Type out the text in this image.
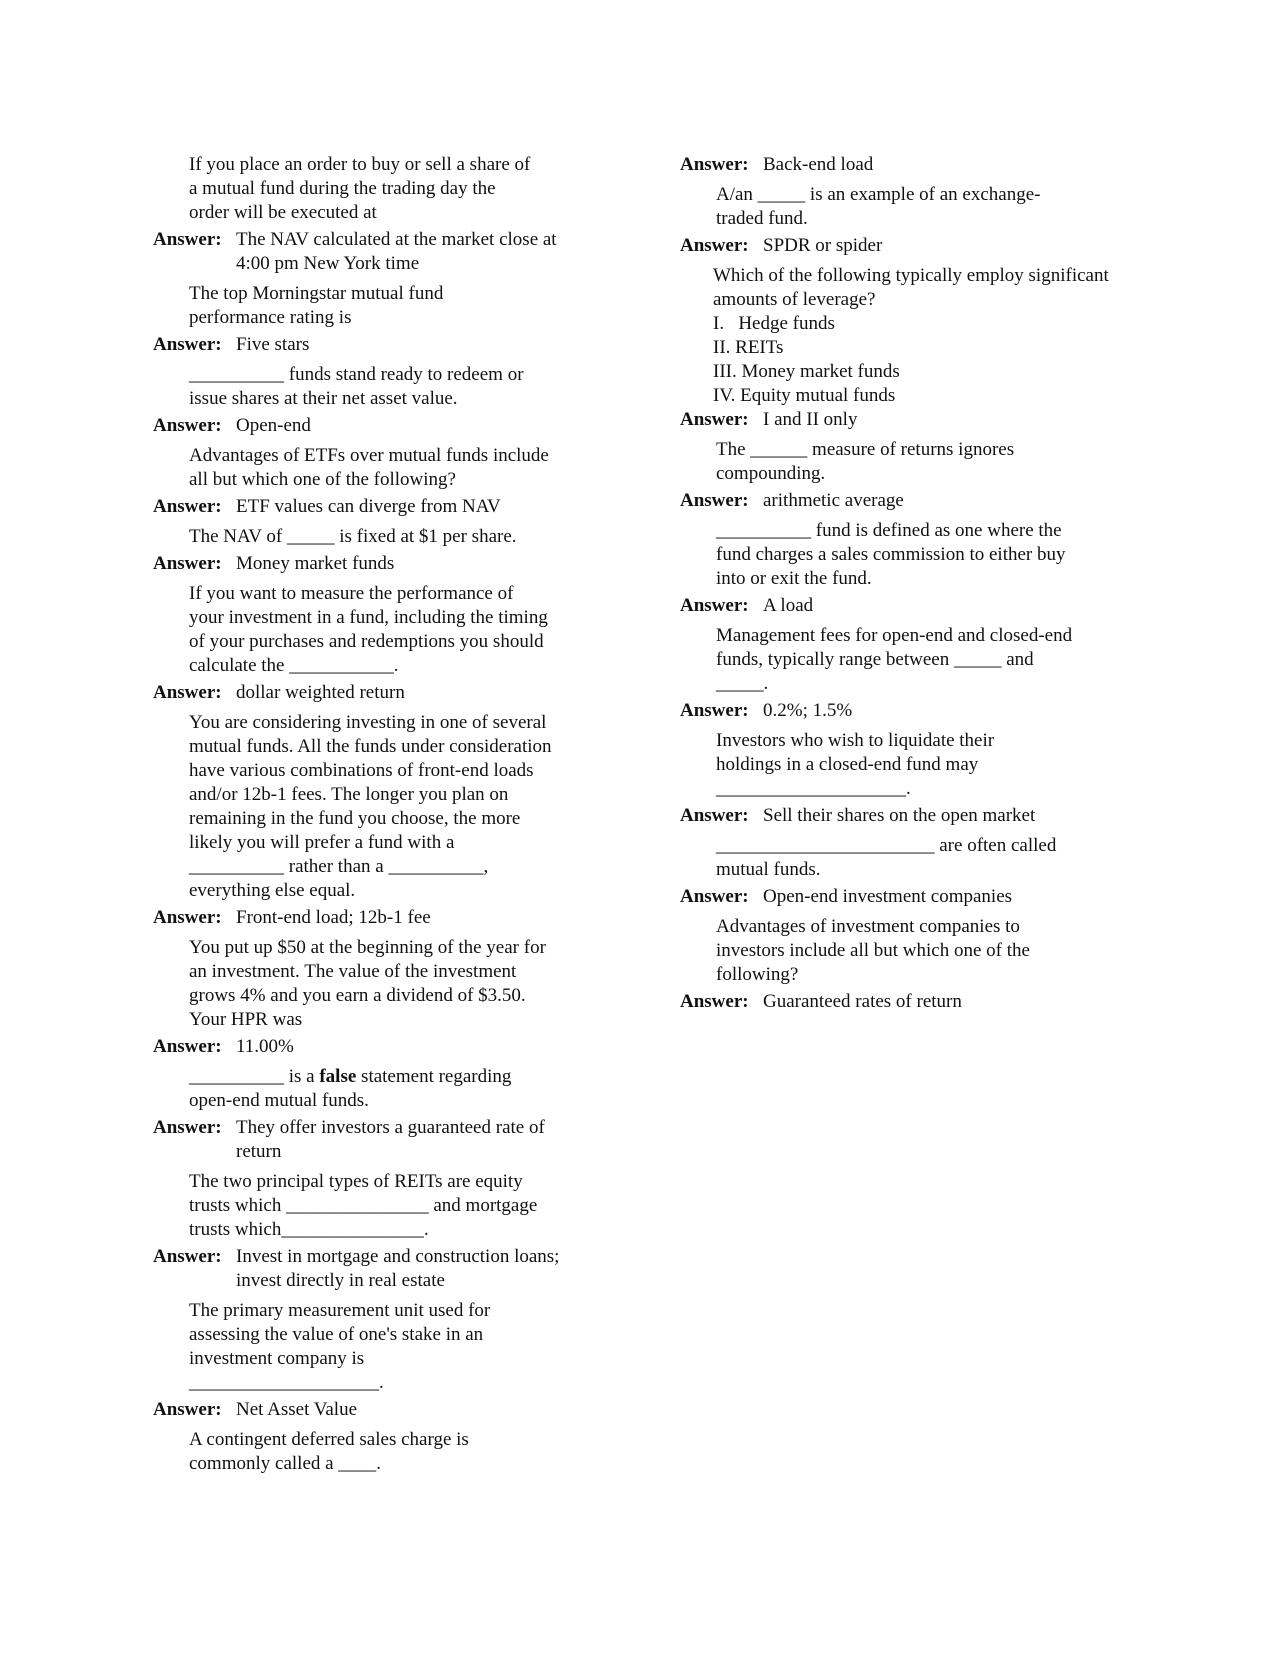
If you place an order to buy or sell a share of a mutual fund during the trading day the order will be executed at

Answer: The NAV calculated at the market close at 4:00 pm New York time

The top Morningstar mutual fund performance rating is

Answer: Five stars

__________ funds stand ready to redeem or issue shares at their net asset value.

Answer: Open-end

Advantages of ETFs over mutual funds include all but which one of the following?

Answer: ETF values can diverge from NAV

The NAV of _____ is fixed at $1 per share.

Answer: Money market funds

If you want to measure the performance of your investment in a fund, including the timing of your purchases and redemptions you should calculate the ___________.

Answer: dollar weighted return

You are considering investing in one of several mutual funds. All the funds under consideration have various combinations of front-end loads and/or 12b-1 fees. The longer you plan on remaining in the fund you choose, the more likely you will prefer a fund with a __________ rather than a __________, everything else equal.

Answer: Front-end load; 12b-1 fee

You put up $50 at the beginning of the year for an investment. The value of the investment grows 4% and you earn a dividend of $3.50. Your HPR was

Answer: 11.00%

__________ is a false statement regarding open-end mutual funds.

Answer: They offer investors a guaranteed rate of return

The two principal types of REITs are equity trusts which _______________ and mortgage trusts which_______________.

Answer: Invest in mortgage and construction loans; invest directly in real estate

The primary measurement unit used for assessing the value of one's stake in an investment company is ____________________.

Answer: Net Asset Value

A contingent deferred sales charge is commonly called a ____.

Answer: Back-end load

A/an _____ is an example of an exchange-traded fund.

Answer: SPDR or spider

Which of the following typically employ significant amounts of leverage?

I.   Hedge funds
II. REITs
III. Money market funds
IV. Equity mutual funds

Answer: I and II only

The ______ measure of returns ignores compounding.

Answer: arithmetic average

__________ fund is defined as one where the fund charges a sales commission to either buy into or exit the fund.

Answer: A load

Management fees for open-end and closed-end funds, typically range between _____ and _____.

Answer: 0.2%; 1.5%

Investors who wish to liquidate their holdings in a closed-end fund may ____________________.

Answer: Sell their shares on the open market

_______________________ are often called mutual funds.

Answer: Open-end investment companies

Advantages of investment companies to investors include all but which one of the following?

Answer: Guaranteed rates of return
